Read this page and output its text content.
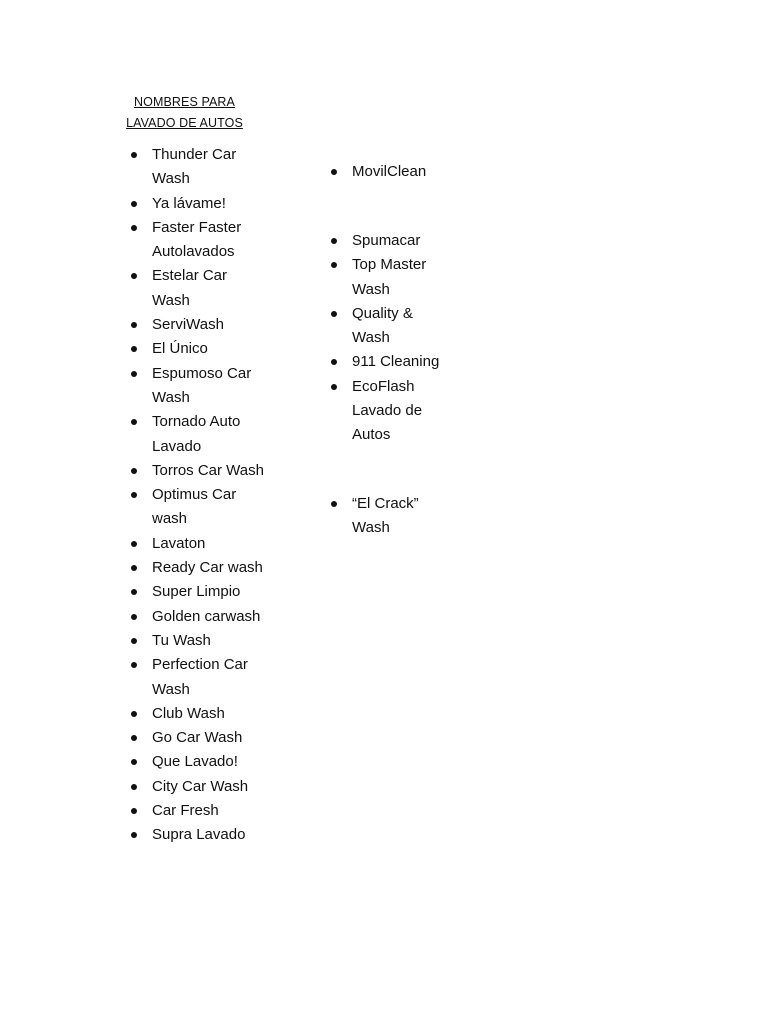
NOMBRES PARA
LAVADO DE AUTOS
Thunder Car Wash
Ya lávame!
Faster Faster Autolavados
Estelar Car Wash
ServiWash
El Único
Espumoso Car Wash
Tornado Auto Lavado
Torros Car Wash
Optimus Car wash
Lavaton
Ready Car wash
Super Limpio
Golden carwash
Tu Wash
Perfection Car Wash
Club Wash
Go Car Wash
Que Lavado!
City Car Wash
Car Fresh
Supra Lavado
MovilClean
Spumacar
Top Master Wash
Quality & Wash
911 Cleaning
EcoFlash Lavado de Autos
“El Crack” Wash
